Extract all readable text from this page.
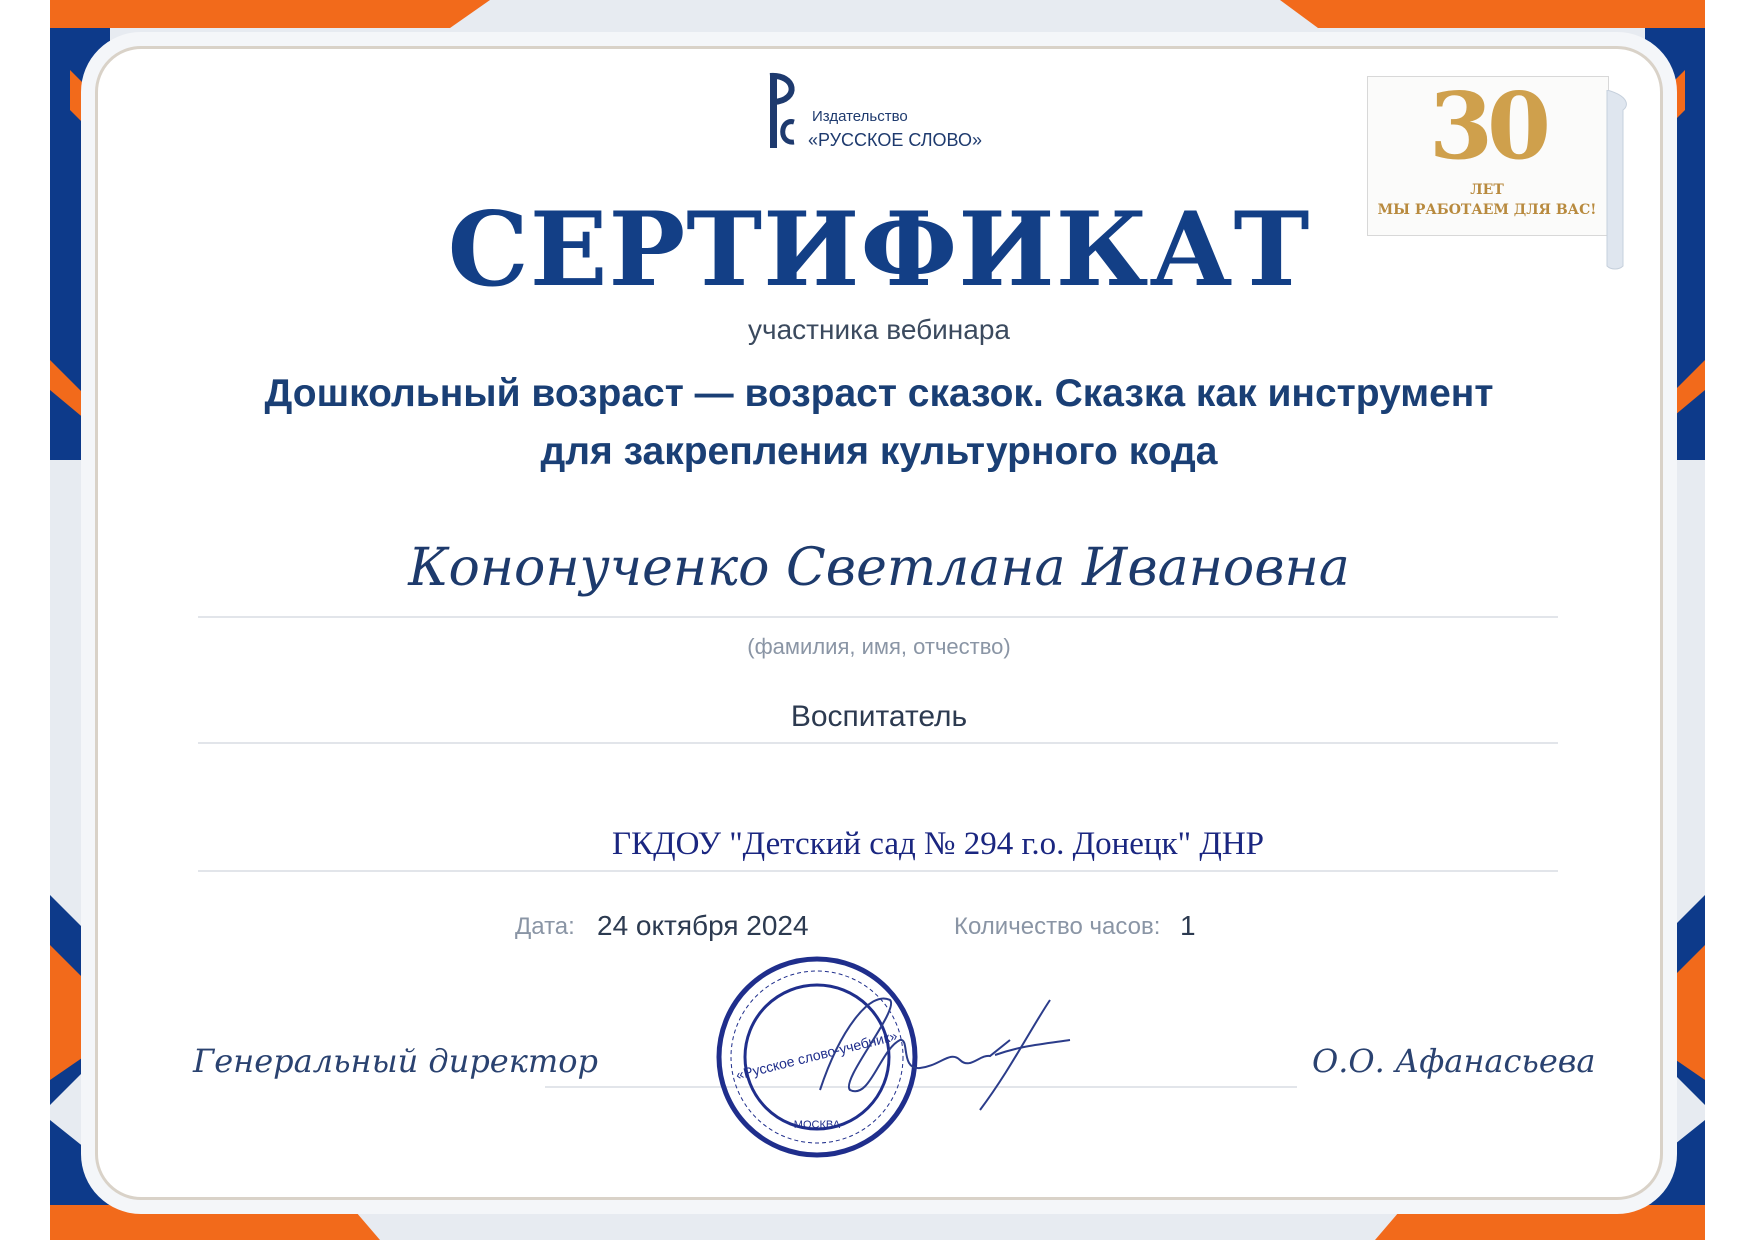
Издательство
«РУССКОЕ СЛОВО»	30
ЛЕТ
МЫ РАБОТАЕМ ДЛЯ ВАС!
СЕРТИФИКАТ
участника вебинара
Дошкольный возраст — возраст сказок. Сказка как инструмент
для закрепления культурного кода
Кононученко Светлана Ивановна
(фамилия, имя, отчество)
Воспитатель
ГКДОУ "Детский сад № 294 г.о. Донецк" ДНР
Дата: 24 октября 2024	Количество часов: 1
Генеральный директор	О.О. Афанасьева
МОСКВА
«Русское слово-учебник»
